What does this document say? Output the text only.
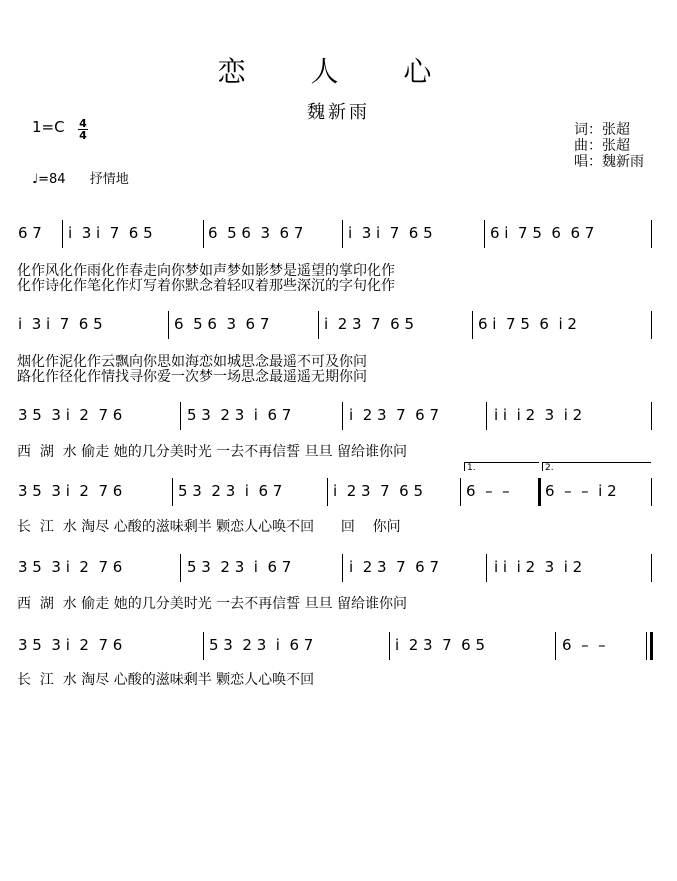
恋 人 心
魏新雨
1=C 4
4
♩=84 抒情地
词：张超
曲：张超
唱：魏新雨
6 7 i  3 i  7  6 5	6  5 6  3  6 7	i  3 i  7  6 5	6 i  7 5  6  6 7
化作风化作雨化作春走向你梦如声梦如影梦是遥望的掌印化作
化作诗化作笔化作灯写着你默念着轻叹着那些深沉的字句化作
i  3 i  7  6 5	6  5 6  3  6 7	i  2 3  7  6 5	6 i  7 5  6  i 2
烟化作泥化作云飘向你思如海恋如城思念最遥不可及你问
路化作径化作情找寻你爱一次梦一场思念最遥遥无期你问
3 5  3 i  2  7 6	5 3  2 3  i  6 7	i  2 3  7  6 7	i i  i 2  3  i 2
西  湖  水 偷走 她的几分美时光 一去不再信誓 旦旦 留给谁你问
1.	2.
3 5  3 i  2  7 6	5 3  2 3  i  6 7	i  2 3  7  6 5	6  –  – 6  –  –  i 2
长  江  水 淘尽 心酸的滋味剩半 颗恋人心唤不回      回    你问
3 5  3 i  2  7 6	5 3  2 3  i  6 7	i  2 3  7  6 7	i i  i 2  3  i 2
西  湖  水 偷走 她的几分美时光 一去不再信誓 旦旦 留给谁你问
3 5  3 i  2  7 6	5 3  2 3  i  6 7	i  2 3  7  6 5	6  –  –
长  江  水 淘尽 心酸的滋味剩半 颗恋人心唤不回
